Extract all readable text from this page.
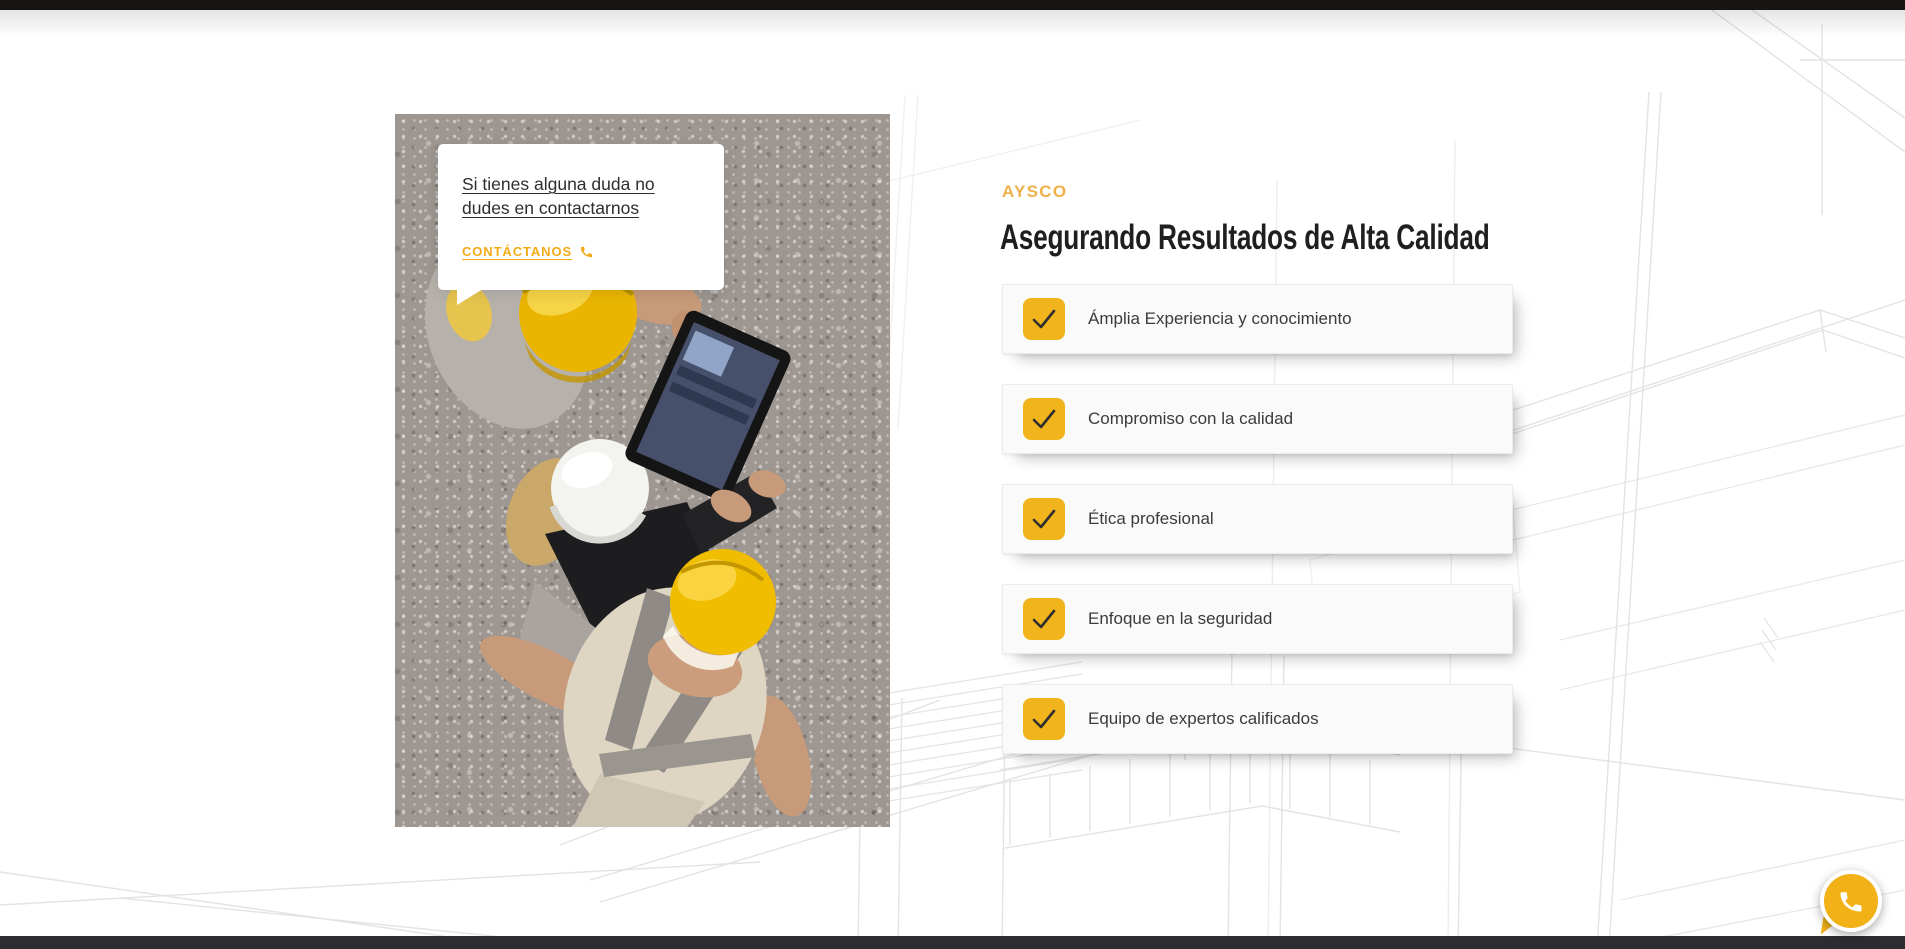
Si tienes alguna duda no dudes en contactarnos
CONTÁCTANOS
AYSCO
Asegurando Resultados de Alta Calidad
Ámplia Experiencia y conocimiento
Compromiso con la calidad
Ética profesional
Enfoque en la seguridad
Equipo de expertos calificados
